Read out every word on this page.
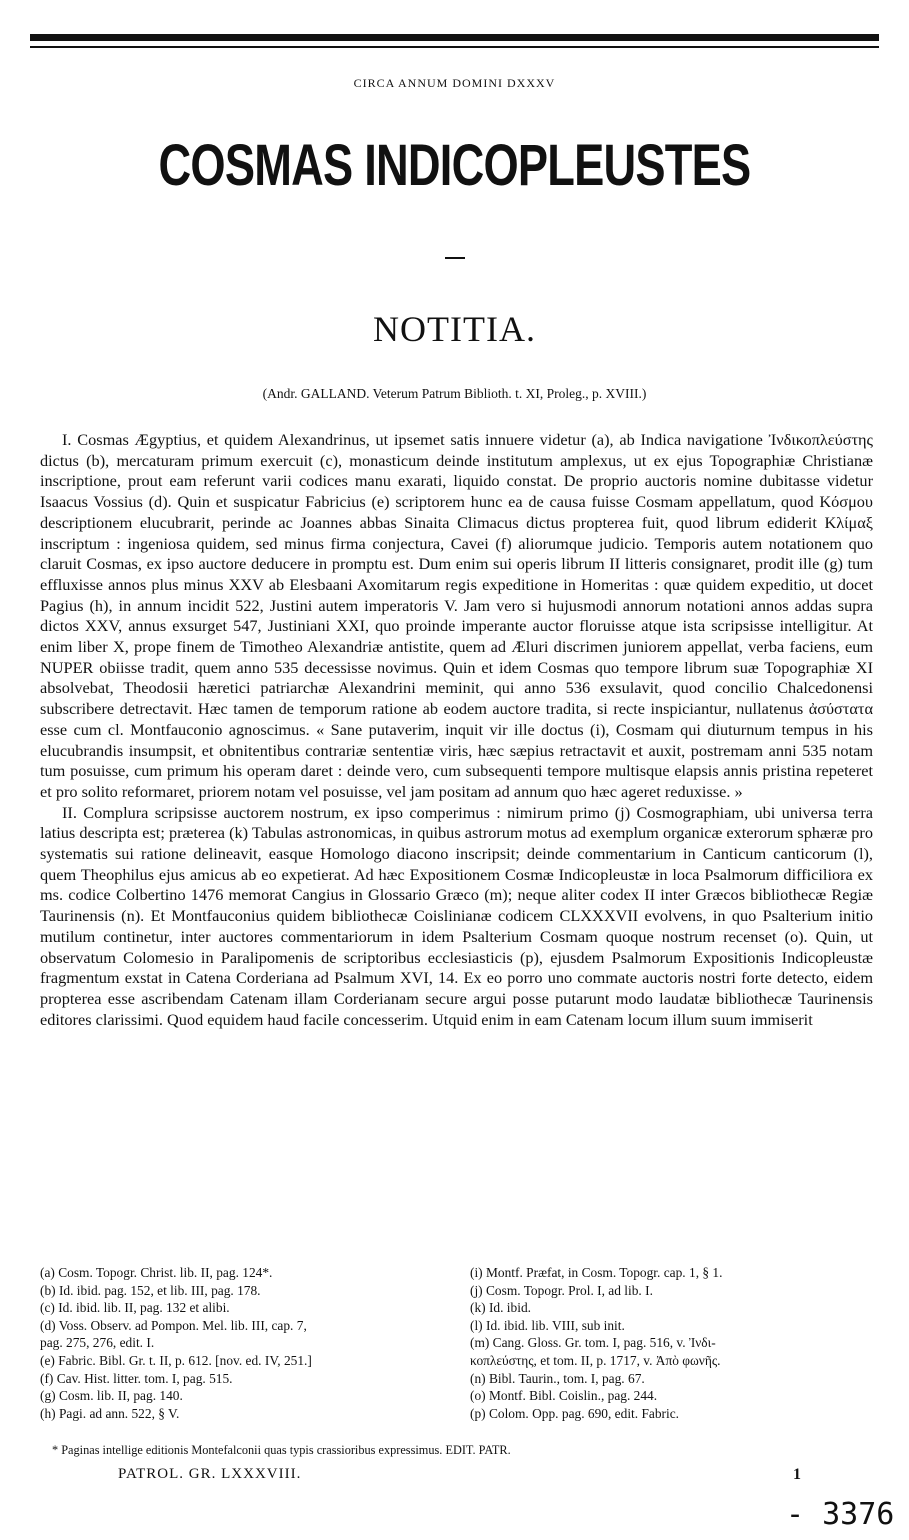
CIRCA ANNUM DOMINI DXXXV
COSMAS INDICOPLEUSTES
NOTITIA.
(Andr. GALLAND. Veterum Patrum Biblioth. t. XI, Proleg., p. XVIII.)

I. Cosmas Ægyptius, et quidem Alexandrinus, ut ipsemet satis innuere videtur (a), ab Indica navigatione Ἰνδικοπλεύστης dictus (b), mercaturam primum exercuit (c), monasticum deinde institutum amplexus, ut ex ejus Topographiæ Christianæ inscriptione, prout eam referunt varii codices manu exarati, liquido constat. De proprio auctoris nomine dubitasse videtur Isaacus Vossius (d). Quin et suspicatur Fabricius (e) scriptorem hunc ea de causa fuisse Cosmam appellatum, quod Κόσμου descriptionem elucubrarit, perinde ac Joannes abbas Sinaita Climacus dictus propterea fuit, quod librum ediderit Κλίμαξ inscriptum : ingeniosa quidem, sed minus firma conjectura, Cavei (f) aliorumque judicio. Temporis autem notationem quo claruit Cosmas, ex ipso auctore deducere in promptu est. Dum enim sui operis librum II litteris consignaret, prodit ille (g) tum effluxisse annos plus minus XXV ab Elesbaani Axomitarum regis expeditione in Homeritas : quæ quidem expeditio, ut docet Pagius (h), in annum incidit 522, Justini autem imperatoris V. Jam vero si hujusmodi annorum notationi annos addas supra dictos XXV, annus exsurget 547, Justiniani XXI, quo proinde imperante auctor floruisse atque ista scripsisse intelligitur. At enim liber X, prope finem de Timotheo Alexandriæ antistite, quem ad Æluri discrimen juniorem appellat, verba faciens, eum NUPER obiisse tradit, quem anno 535 decessisse novimus. Quin et idem Cosmas quo tempore librum suæ Topographiæ XI absolvebat, Theodosii hæretici patriarchæ Alexandrini meminit, qui anno 536 exsulavit, quod concilio Chalcedonensi subscribere detrectavit. Hæc tamen de temporum ratione ab eodem auctore tradita, si recte inspiciantur, nullatenus ἀσύστατα esse cum cl. Montfauconio agnoscimus. « Sane putaverim, inquit vir ille doctus (i), Cosmam qui diuturnum tempus in his elucubrandis insumpsit, et obnitentibus contrariæ sententiæ viris, hæc sæpius retractavit et auxit, postremam anni 535 notam tum posuisse, cum primum his operam daret : deinde vero, cum subsequenti tempore multisque elapsis annis pristina repeteret et pro solito reformaret, priorem notam vel posuisse, vel jam positam ad annum quo hæc ageret reduxisse. »

II. Complura scripsisse auctorem nostrum, ex ipso comperimus : nimirum primo (j) Cosmographiam, ubi universa terra latius descripta est; præterea (k) Tabulas astronomicas, in quibus astrorum motus ad exemplum organicæ exterorum sphæræ pro systematis sui ratione delineavit, easque Homologo diacono inscripsit; deinde commentarium in Canticum canticorum (l), quem Theophilus ejus amicus ab eo expetierat. Ad hæc Expositionem Cosmæ Indicopleustæ in loca Psalmorum difficiliora ex ms. codice Colbertino 1476 memorat Cangius in Glossario Græco (m); neque aliter codex II inter Græcos bibliothecæ Regiæ Taurinensis (n). Et Montfauconius quidem bibliothecæ Coislinianæ codicem CLXXXVII evolvens, in quo Psalterium initio mutilum continetur, inter auctores commentariorum in idem Psalterium Cosmam quoque nostrum recenset (o). Quin, ut observatum Colomesio in Paralipomenis de scriptoribus ecclesiasticis (p), ejusdem Psalmorum Expositionis Indicopleustæ fragmentum exstat in Catena Corderiana ad Psalmum XVI, 14. Ex eo porro uno commate auctoris nostri forte detecto, eidem propterea esse ascribendam Catenam illam Corderianam secure argui posse putarunt modo laudatæ bibliothecæ Taurinensis editores clarissimi. Quod equidem haud facile concesserim. Utquid enim in eam Catenam locum illum suum immiserit

(a) Cosm. Topogr. Christ. lib. II, pag. 124*.
(b) Id. ibid. pag. 152, et lib. III, pag. 178.
(c) Id. ibid. lib. II, pag. 132 et alibi.
(d) Voss. Observ. ad Pompon. Mel. lib. III, cap. 7,
pag. 275, 276, edit. I.
(e) Fabric. Bibl. Gr. t. II, p. 612. [nov. ed. IV, 251.]
(f) Cav. Hist. litter. tom. I, pag. 515.
(g) Cosm. lib. II, pag. 140.
(h) Pagi. ad ann. 522, § V.
(i) Montf. Præfat, in Cosm. Topogr. cap. 1, § 1.
(j) Cosm. Topogr. Prol. I, ad lib. I.
(k) Id. ibid.
(l) Id. ibid. lib. VIII, sub init.
(m) Cang. Gloss. Gr. tom. I, pag. 516, v. Ἰνδι-
κοπλεύστης, et tom. II, p. 1717, v. Ἀπὸ φωνῆς.
(n) Bibl. Taurin., tom. I, pag. 67.
(o) Montf. Bibl. Coislin., pag. 244.
(p) Colom. Opp. pag. 690, edit. Fabric.
* Paginas intellige editionis Montefalconii quas typis crassioribus expressimus. EDIT. PATR.
PATROL. GR. LXXXVIII.	1
- 3376
